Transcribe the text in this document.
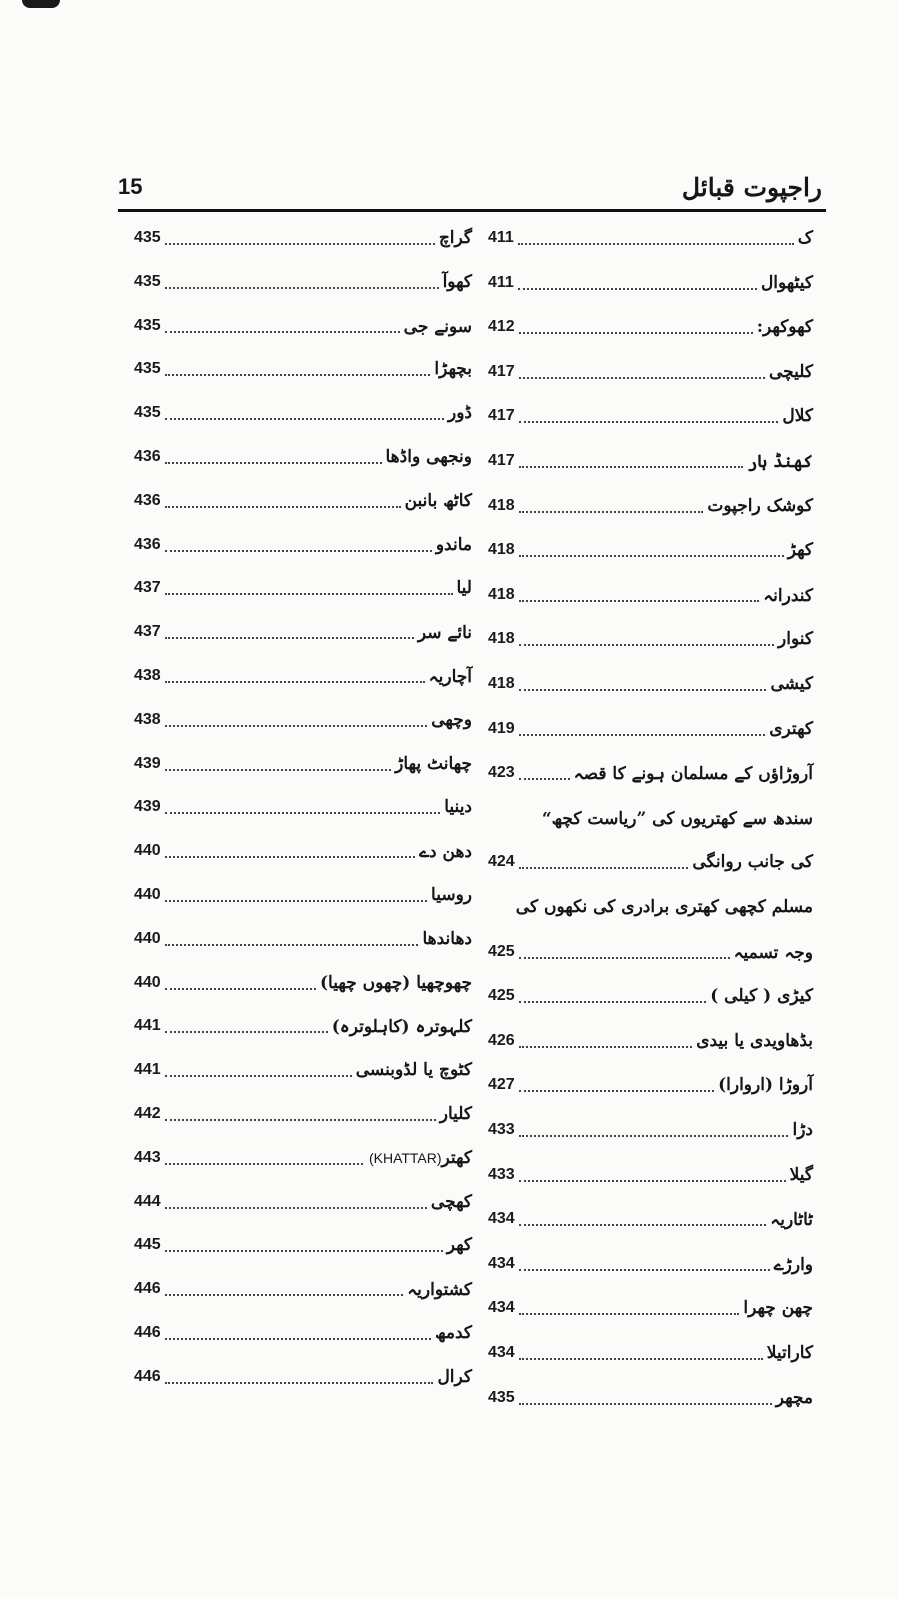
15	راجپوت قبائل
411	ک
411	کیٹھوال
412	کھوکھر:
417	کلیچی
417	کلال
417	کھنڈ ہار
418	کوشک راجپوت
418	کھڑ
418	کندرانہ
418	کنوار
418	کیشی
419	کھتری
423	آروڑاؤں کے مسلمان ہونے کا قصہ
سندھ سے کھتریوں کی ”ریاست کچھ“
424	کی جانب روانگی
مسلم کچھی کھتری برادری کی نکھوں کی
425	وجہ تسمیہ
425	کیڑی ( کیلی )
426	بڈھاویدی یا بیدی
427	آروڑا (اروارا)
433	دڑا
433	گیلا
434	ٹاٹاریہ
434	وارڑے
434	چھن چھرا
434	کاراتیلا
435	مچھر
435	گراچ
435	کھوآ
435	سونے جی
435	بچھڑا
435	ڈور
436	ونجھی واڈھا
436	کاٹھ بانبن
436	ماندو
437	لیا
437	نائے سر
438	آچاریہ
438	وچھی
439	چھانٹ پھاڑ
439	دینیا
440	دھن دے
440	روسیا
440	دھاندھا
440	چھوچھیا (چھوں چھیا)
441	کلہوترہ (کاہلوترہ)
441	کٹوچ یا لڈوبنسی
442	کلیار
443	(KHATTAR) کھتر
444	کھچی
445	کھر
446	کشتواریہ
446	کدمھ
446	کرال
